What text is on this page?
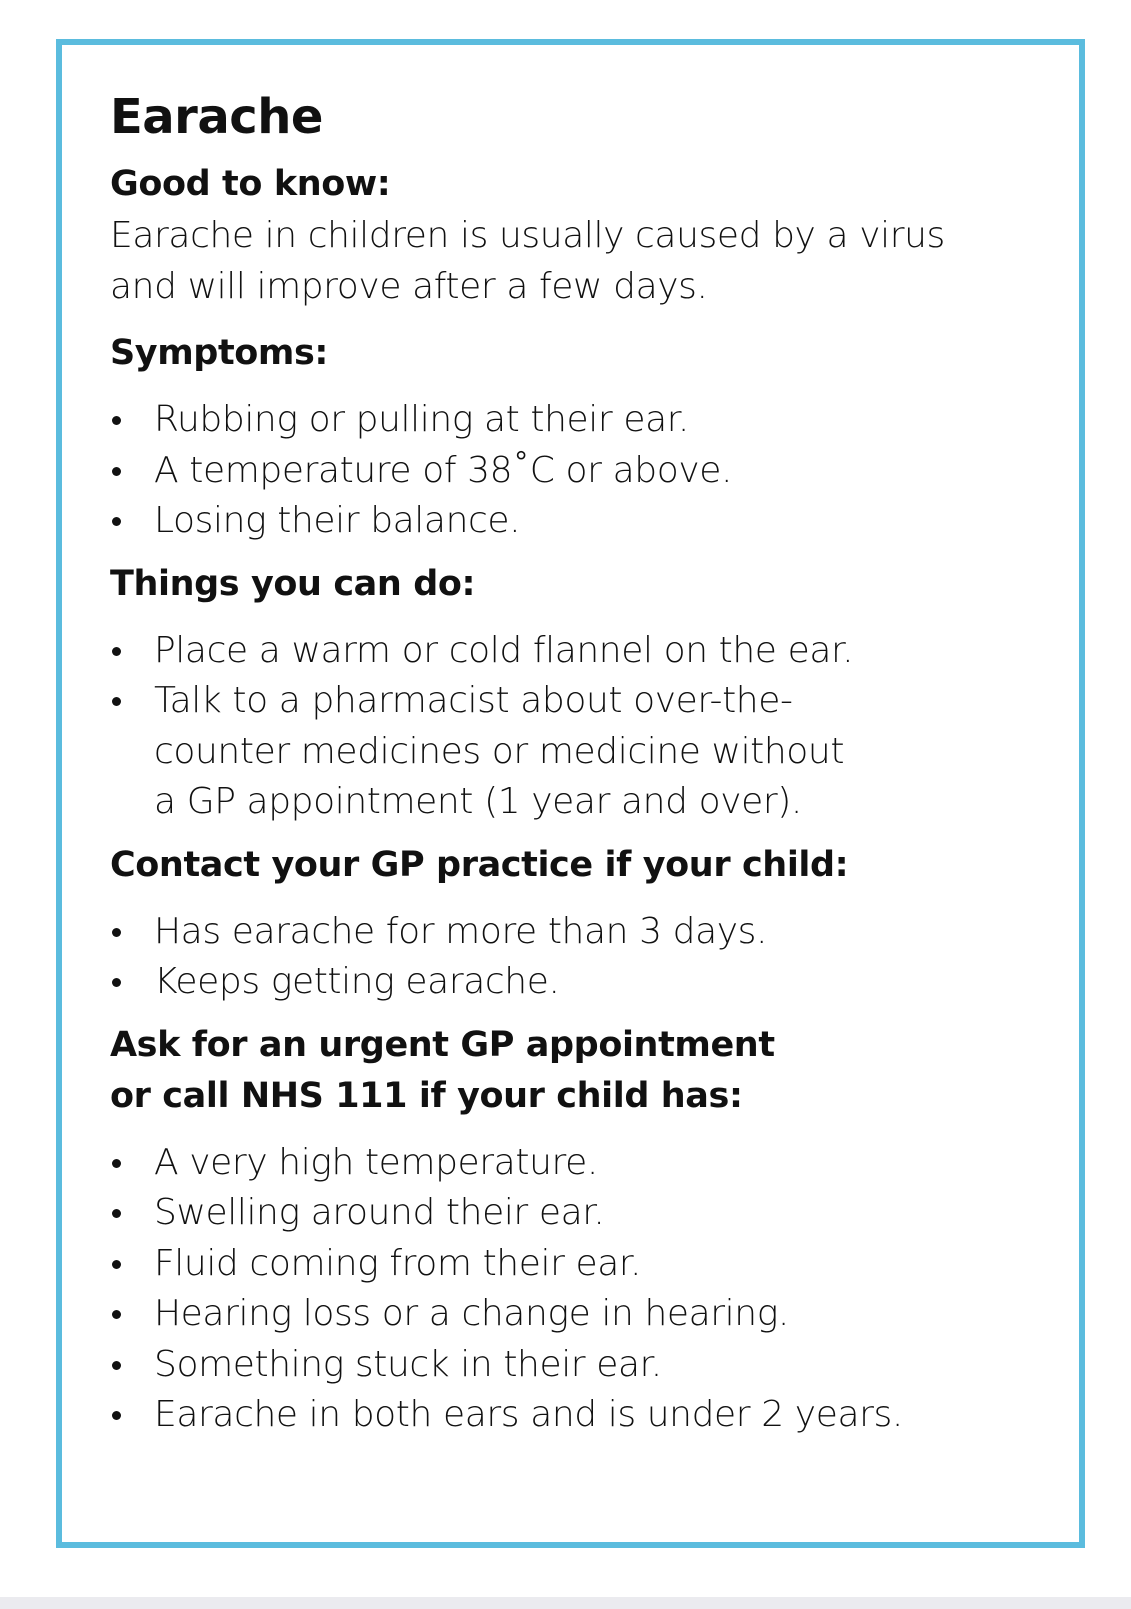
Earache
Good to know:

Earache in children is usually caused by a virus and will improve after a few days.

Symptoms:
Rubbing or pulling at their ear.
A temperature of 38˚C or above.
Losing their balance.
Things you can do:
Place a warm or cold flannel on the ear.
Talk to a pharmacist about over-the-counter medicines or medicine without a GP appointment (1 year and over).
Contact your GP practice if your child:
Has earache for more than 3 days.
Keeps getting earache.
Ask for an urgent GP appointment
or call NHS 111 if your child has:
A very high temperature.
Swelling around their ear.
Fluid coming from their ear.
Hearing loss or a change in hearing.
Something stuck in their ear.
Earache in both ears and is under 2 years.
